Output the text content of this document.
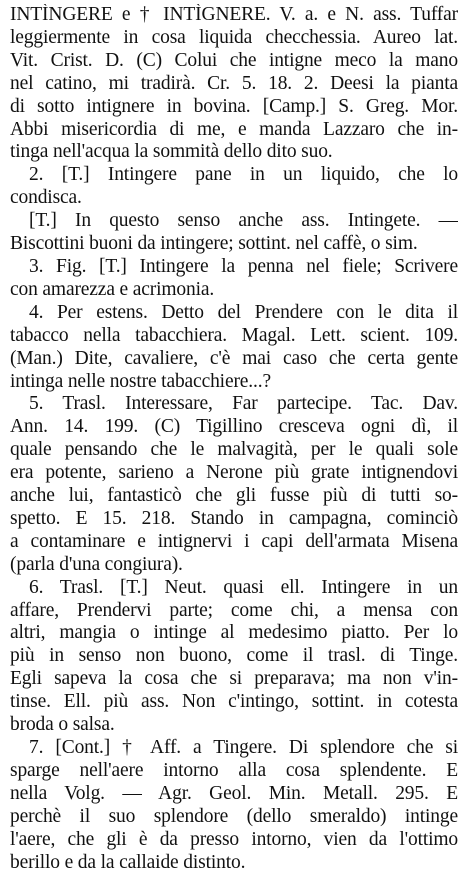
INTÌNGERE e † INTÌGNERE. V. a. e N. ass. Tuffar
leggiermente in cosa liquida checchessia. Aureo lat.
Vit. Crist. D. (C) Colui che intigne meco la mano
nel catino, mi tradirà. Cr. 5. 18. 2. Deesi la pianta
di sotto intignere in bovina. [Camp.] S. Greg. Mor.
Abbi misericordia di me, e manda Lazzaro che in-
tinga nell'acqua la sommità dello dito suo.
2. [T.] Intingere pane in un liquido, che lo
condisca.
[T.] In questo senso anche ass. Intingete. —
Biscottini buoni da intingere; sottint. nel caffè, o sim.
3. Fig. [T.] Intingere la penna nel fiele; Scrivere
con amarezza e acrimonia.
4. Per estens. Detto del Prendere con le dita il
tabacco nella tabacchiera. Magal. Lett. scient. 109.
(Man.) Dite, cavaliere, c'è mai caso che certa gente
intinga nelle nostre tabacchiere...?
5. Trasl. Interessare, Far partecipe. Tac. Dav.
Ann. 14. 199. (C) Tigillino cresceva ogni dì, il
quale pensando che le malvagità, per le quali sole
era potente, sarieno a Nerone più grate intignendovi
anche lui, fantasticò che gli fusse più di tutti so-
spetto. E 15. 218. Stando in campagna, cominciò
a contaminare e intignervi i capi dell'armata Misena
(parla d'una congiura).
6. Trasl. [T.] Neut. quasi ell. Intingere in un
affare, Prendervi parte; come chi, a mensa con
altri, mangia o intinge al medesimo piatto. Per lo
più in senso non buono, come il trasl. di Tinge.
Egli sapeva la cosa che si preparava; ma non v'in-
tinse. Ell. più ass. Non c'intingo, sottint. in cotesta
broda o salsa.
7. [Cont.] † Aff. a Tingere. Di splendore che si
sparge nell'aere intorno alla cosa splendente. E
nella Volg. — Agr. Geol. Min. Metall. 295. E
perchè il suo splendore (dello smeraldo) intinge
l'aere, che gli è da presso intorno, vien da l'ottimo
berillo e da la callaide distinto.
